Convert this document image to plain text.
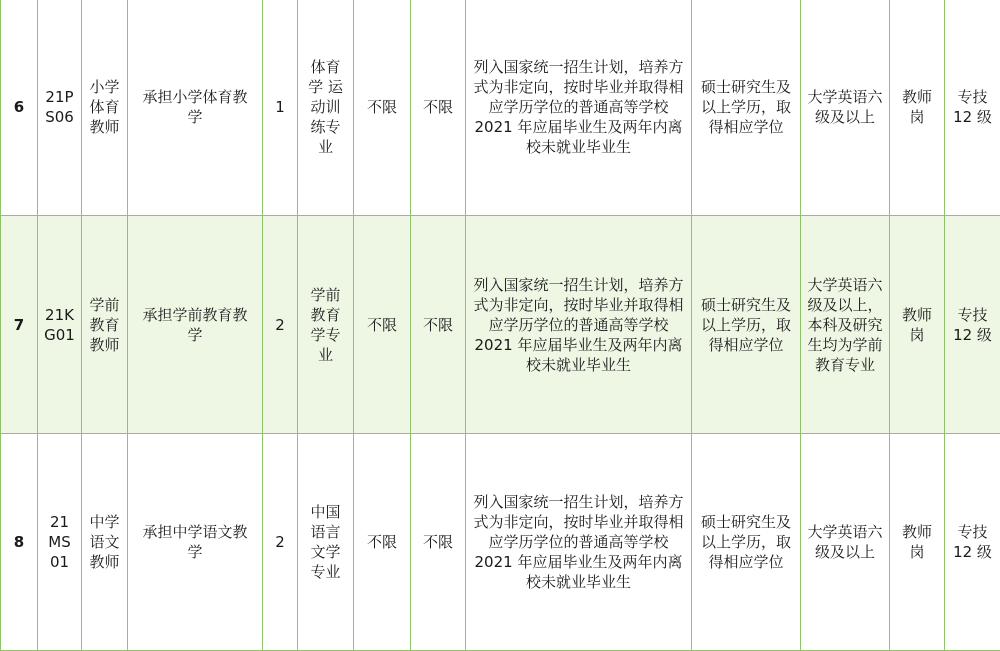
6	21P
S06	小学
体育
教师	承担小学体育教
学	1	体育
学 运
动训
练专
业	不限	不限	列入国家统一招生计划，培养方
式为非定向，按时毕业并取得相
应学历学位的普通高等学校
2021 年应届毕业生及两年内离
校未就业毕业生	硕士研究生及
以上学历，取
得相应学位	大学英语六
级及以上	教师
岗	专技
12 级
7	21K
G01	学前
教育
教师	承担学前教育教
学	2	学前
教育
学专
业	不限	不限	列入国家统一招生计划，培养方
式为非定向，按时毕业并取得相
应学历学位的普通高等学校
2021 年应届毕业生及两年内离
校未就业毕业生	硕士研究生及
以上学历，取
得相应学位	大学英语六
级及以上，
本科及研究
生均为学前
教育专业	教师
岗	专技
12 级
8	21
MS
01	中学
语文
教师	承担中学语文教
学	2	中国
语言
文学
专业	不限	不限	列入国家统一招生计划，培养方
式为非定向，按时毕业并取得相
应学历学位的普通高等学校
2021 年应届毕业生及两年内离
校未就业毕业生	硕士研究生及
以上学历，取
得相应学位	大学英语六
级及以上	教师
岗	专技
12 级
